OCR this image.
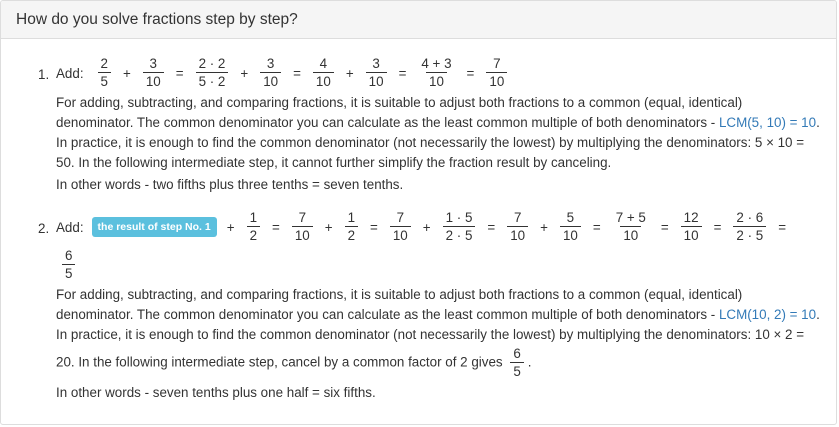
How do you solve fractions step by step?
1. Add: $\frac{2}{5} + \frac{3}{10} = \frac{2 \cdot 2}{5 \cdot 2} + \frac{3}{10} = \frac{4}{10} + \frac{3}{10} = \frac{4 + 3}{10} = \frac{7}{10}$
For adding, subtracting, and comparing fractions, it is suitable to adjust both fractions to a common (equal, identical) denominator. The common denominator you can calculate as the least common multiple of both denominators - LCM(5, 10) = 10. In practice, it is enough to find the common denominator (not necessarily the lowest) by multiplying the denominators: 5 × 10 = 50. In the following intermediate step, it cannot further simplify the fraction result by canceling.
In other words - two fifths plus three tenths = seven tenths.
2. Add:	the result of step No. 1	+ $\frac{1}{2} = \frac{7}{10} + \frac{1}{2} = \frac{7}{10} + \frac{1 \cdot 5}{2 \cdot 5} = \frac{7}{10} + \frac{5}{10} = \frac{7 + 5}{10} = \frac{12}{10} = \frac{2 \cdot 6}{2 \cdot 5}$ =
$\frac{6}{5}$
For adding, subtracting, and comparing fractions, it is suitable to adjust both fractions to a common (equal, identical) denominator. The common denominator you can calculate as the least common multiple of both denominators - LCM(10, 2) = 10. In practice, it is enough to find the common denominator (not necessarily the lowest) by multiplying the denominators: 10 × 2 = 20. In the following intermediate step, cancel by a common factor of 2 gives $\frac{6}{5}$ .
In other words - seven tenths plus one half = six fifths.
